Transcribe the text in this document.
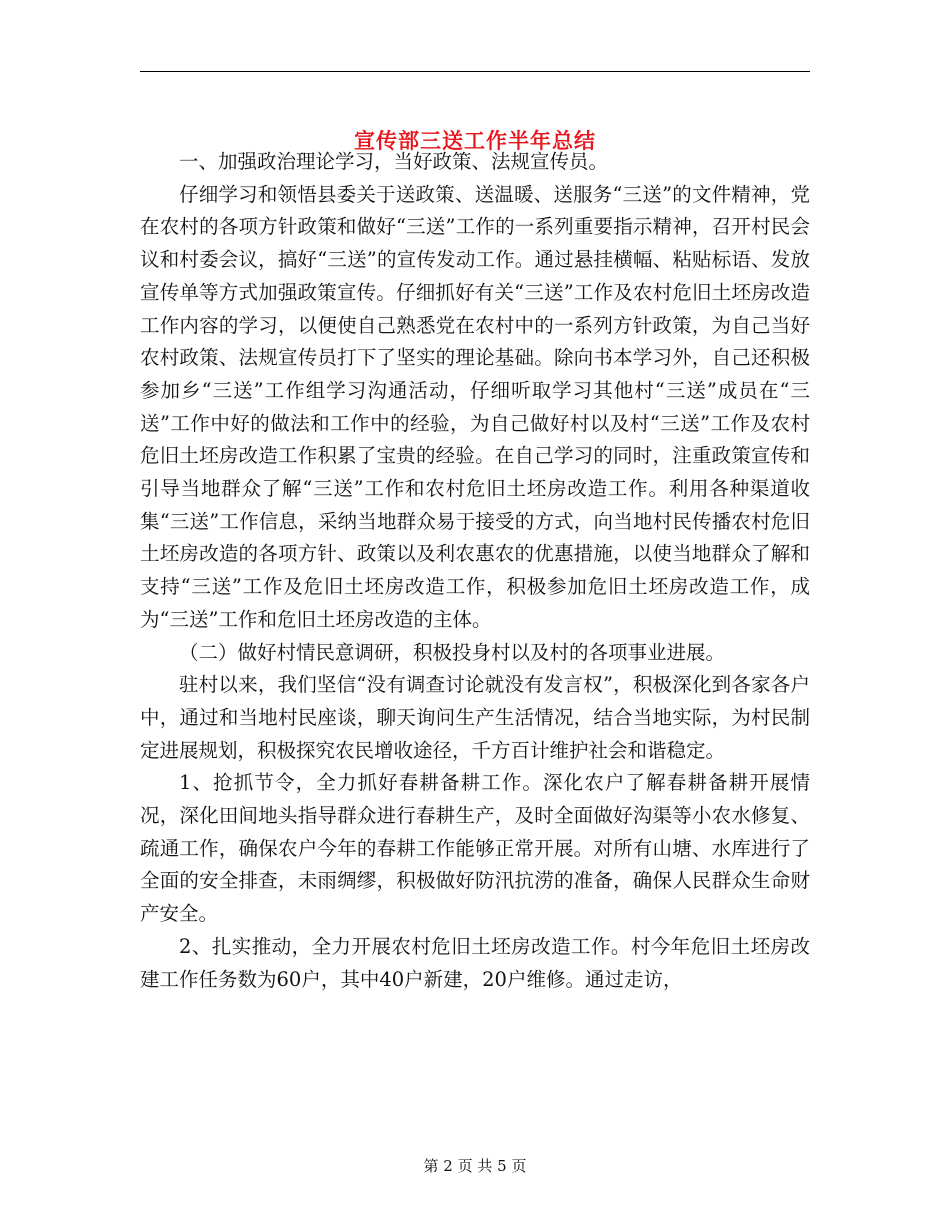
宣传部三送工作半年总结

一、加强政治理论学习，当好政策、法规宣传员。

仔细学习和领悟县委关于送政策、送温暖、送服务“三送”的文件精神，党在农村的各项方针政策和做好“三送”工作的一系列重要指示精神，召开村民会议和村委会议，搞好“三送”的宣传发动工作。通过悬挂横幅、粘贴标语、发放宣传单等方式加强政策宣传。仔细抓好有关“三送”工作及农村危旧土坯房改造工作内容的学习，以便使自己熟悉党在农村中的一系列方针政策，为自己当好农村政策、法规宣传员打下了坚实的理论基础。除向书本学习外，自己还积极参加乡“三送”工作组学习沟通活动，仔细听取学习其他村“三送”成员在“三送”工作中好的做法和工作中的经验，为自己做好村以及村“三送”工作及农村危旧土坯房改造工作积累了宝贵的经验。在自己学习的同时，注重政策宣传和引导当地群众了解“三送”工作和农村危旧土坯房改造工作。利用各种渠道收集“三送”工作信息，采纳当地群众易于接受的方式，向当地村民传播农村危旧土坯房改造的各项方针、政策以及利农惠农的优惠措施，以使当地群众了解和支持“三送”工作及危旧土坯房改造工作，积极参加危旧土坯房改造工作，成为“三送”工作和危旧土坯房改造的主体。

（二）做好村情民意调研，积极投身村以及村的各项事业进展。

驻村以来，我们坚信“没有调查讨论就没有发言权”，积极深化到各家各户中，通过和当地村民座谈，聊天询问生产生活情况，结合当地实际，为村民制定进展规划，积极探究农民增收途径，千方百计维护社会和谐稳定。

1、抢抓节令，全力抓好春耕备耕工作。深化农户了解春耕备耕开展情况，深化田间地头指导群众进行春耕生产，及时全面做好沟渠等小农水修复、疏通工作，确保农户今年的春耕工作能够正常开展。对所有山塘、水库进行了全面的安全排查，未雨绸缪，积极做好防汛抗涝的准备，确保人民群众生命财产安全。

2、扎实推动，全力开展农村危旧土坯房改造工作。村今年危旧土坯房改建工作任务数为60户，其中40户新建，20户维修。通过走访，

第 2 页 共 5 页
